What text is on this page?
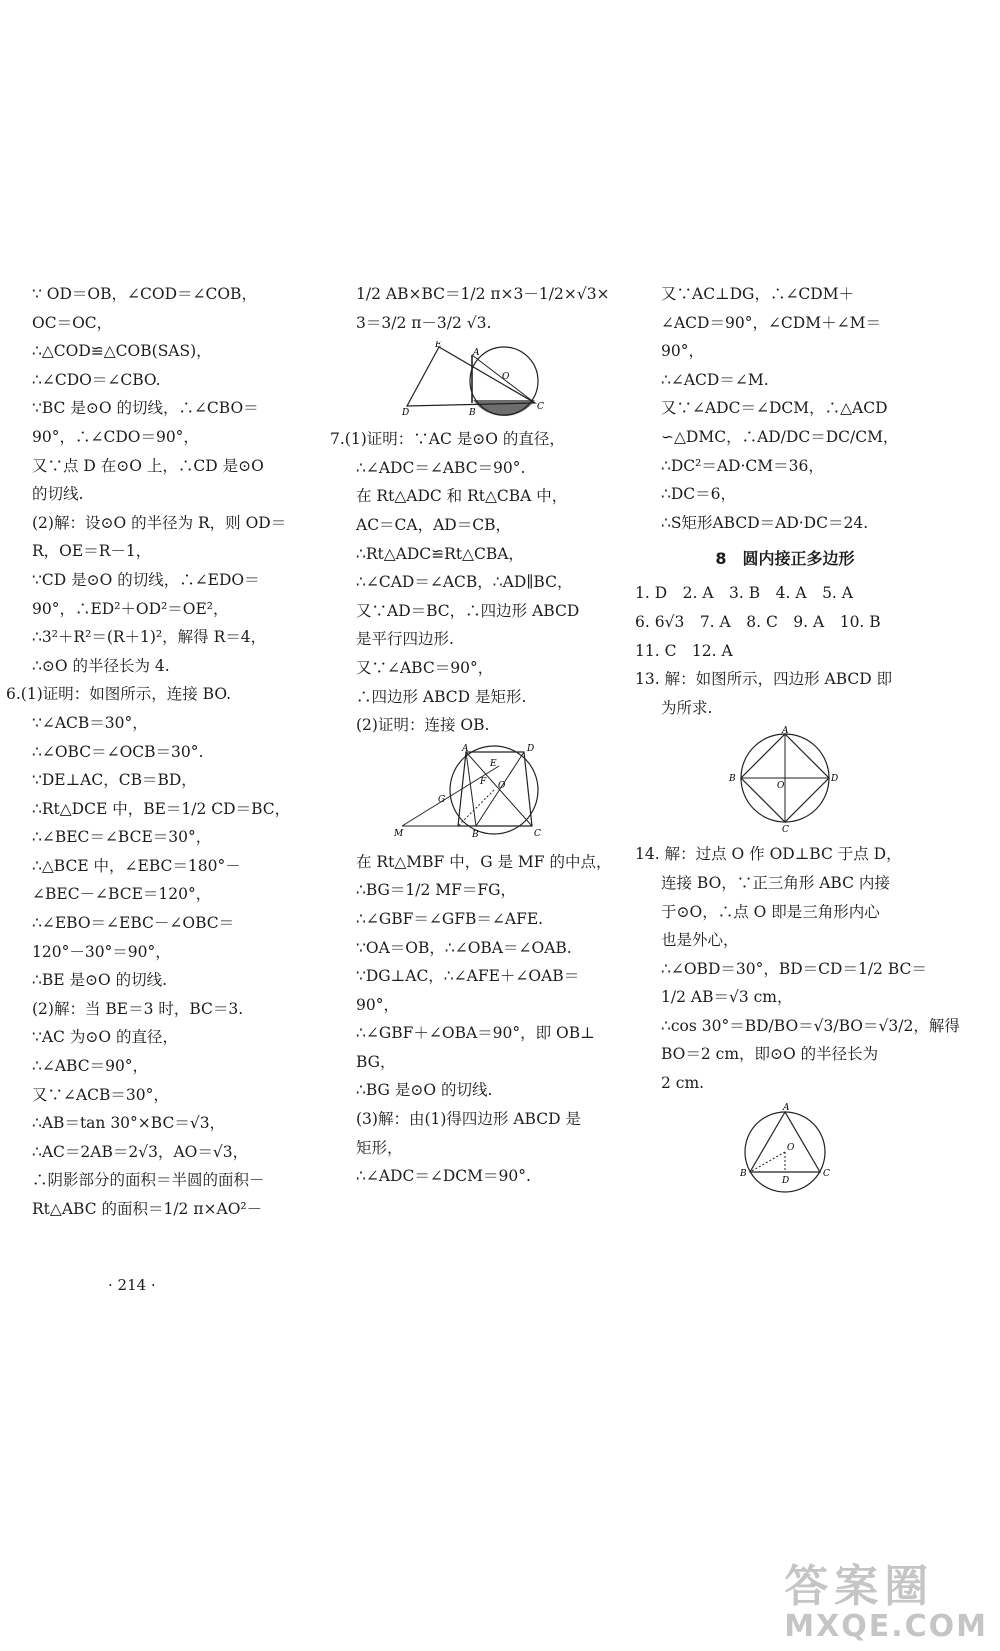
∵ OD＝OB，∠COD＝∠COB，
OC＝OC，
∴△COD≌△COB(SAS)，
∴∠CDO＝∠CBO.
∵BC 是⊙O 的切线，∴∠CBO＝
90°，∴∠CDO＝90°，
又∵点 D 在⊙O 上，∴CD 是⊙O
的切线.
(2)解：设⊙O 的半径为 R，则 OD＝
R，OE＝R－1，
∵CD 是⊙O 的切线，∴∠EDO＝
90°，∴ED²＋OD²＝OE²，
∴3²＋R²＝(R＋1)²，解得 R＝4，
∴⊙O 的半径长为 4.
6.(1)证明：如图所示，连接 BO.
∵∠ACB＝30°，
∴∠OBC＝∠OCB＝30°.
∵DE⊥AC，CB＝BD，
∴Rt△DCE 中，BE＝1/2 CD＝BC，
∴∠BEC＝∠BCE＝30°，
∴△BCE 中，∠EBC＝180°－
∠BEC－∠BCE＝120°，
∴∠EBO＝∠EBC－∠OBC＝
120°－30°＝90°，
∴BE 是⊙O 的切线.
(2)解：当 BE＝3 时，BC＝3.
∵AC 为⊙O 的直径，
∴∠ABC＝90°，
又∵∠ACB＝30°，
∴AB＝tan 30°×BC＝√3，
∴AC＝2AB＝2√3，AO＝√3，
∴阴影部分的面积＝半圆的面积－
Rt△ABC 的面积＝1/2 π×AO²－
1/2 AB×BC＝1/2 π×3－1/2×√3×
3＝3/2 π－3/2 √3.
E
A
O
D	B
C
7.(1)证明：∵AC 是⊙O 的直径，
∴∠ADC＝∠ABC＝90°.
在 Rt△ADC 和 Rt△CBA 中，
AC＝CA，AD＝CB，
∴Rt△ADC≌Rt△CBA，
∴∠CAD＝∠ACB，∴AD∥BC，
又∵AD＝BC，∴四边形 ABCD
是平行四边形.
又∵∠ABC＝90°，
∴四边形 ABCD 是矩形.
(2)证明：连接 OB.
A	D
E
F O
G
M	B	C
在 Rt△MBF 中，G 是 MF 的中点，
∴BG＝1/2 MF＝FG，
∴∠GBF＝∠GFB＝∠AFE.
∵OA＝OB，∴∠OBA＝∠OAB.
∵DG⊥AC，∴∠AFE＋∠OAB＝
90°，
∴∠GBF＋∠OBA＝90°，即 OB⊥
BG，
∴BG 是⊙O 的切线.
(3)解：由(1)得四边形 ABCD 是
矩形，
∴∠ADC＝∠DCM＝90°.
又∵AC⊥DG，∴∠CDM＋
∠ACD＝90°，∠CDM＋∠M＝
90°，
∴∠ACD＝∠M.
又∵∠ADC＝∠DCM，∴△ACD
∽△DMC，∴AD/DC＝DC/CM，
∴DC²＝AD·CM＝36，
∴DC＝6，
∴S矩形ABCD＝AD·DC＝24.
8　圆内接正多边形
1. D　2. A　3. B　4. A　5. A
6. 6√3　7. A　8. C　9. A　10. B
11. C　12. A
13. 解：如图所示，四边形 ABCD 即
为所求.
A
B
O
D
C
14. 解：过点 O 作 OD⊥BC 于点 D，
连接 BO，∵正三角形 ABC 内接
于⊙O，∴点 O 即是三角形内心
也是外心，
∴∠OBD＝30°，BD＝CD＝1/2 BC＝
1/2 AB＝√3 cm，
∴cos 30°＝BD/BO＝√3/BO＝√3/2，解得
BO＝2 cm，即⊙O 的半径长为
2 cm.
A
O
B
D
C
· 214 ·
答案圈
MXQE.COM
